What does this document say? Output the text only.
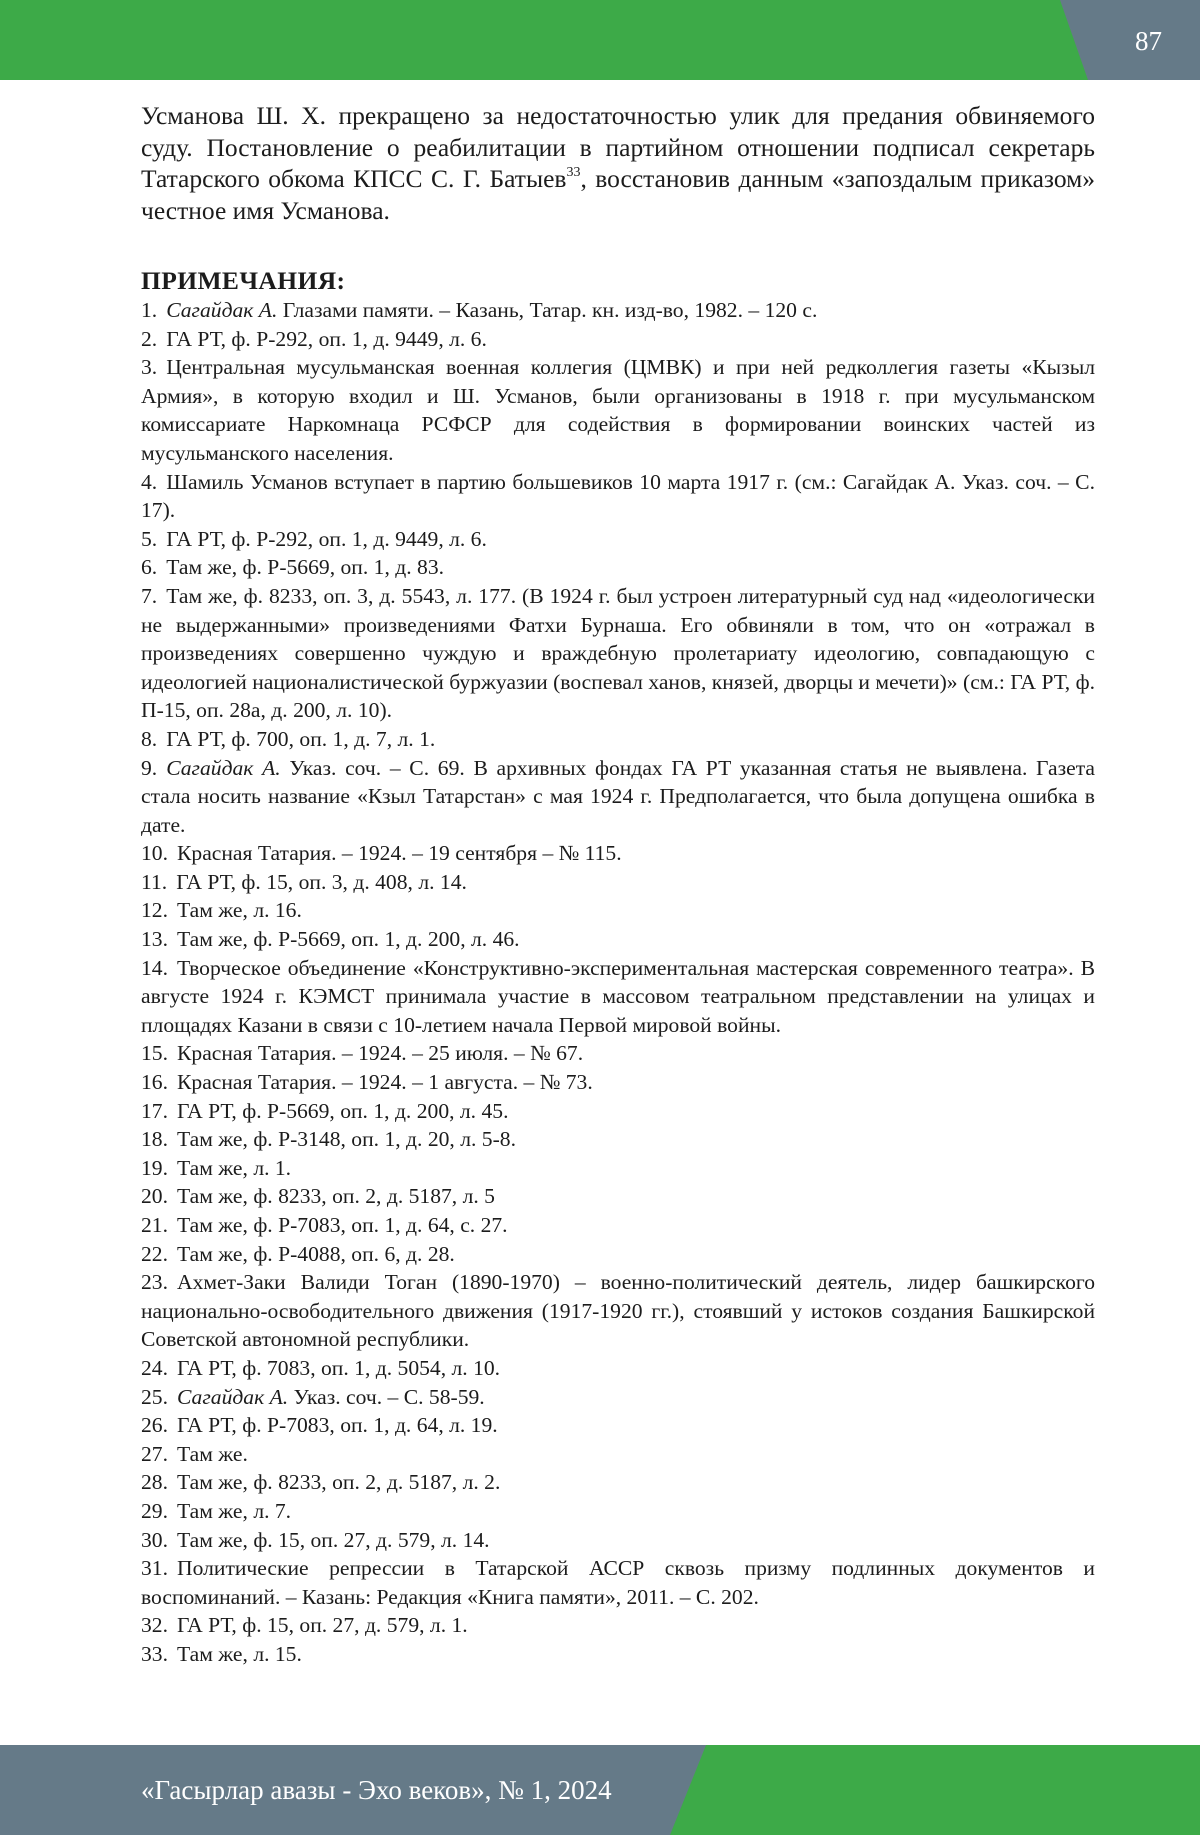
87

Усманова Ш. Х. прекращено за недостаточностью улик для предания обвиняемого суду. Постановление о реабилитации в партийном отношении подписал секретарь Татарского обкома КПСС С. Г. Батыев$^{33}$, восстановив данным «запоздалым приказом» честное имя Усманова.

ПРИМЕЧАНИЯ:
1. Сагайдак А. Глазами памяти. – Казань, Татар. кн. изд-во, 1982. – 120 с.
2. ГА РТ, ф. Р-292, оп. 1, д. 9449, л. 6.
3. Центральная мусульманская военная коллегия (ЦМВК) и при ней редколлегия газеты «Кызыл Армия», в которую входил и Ш. Усманов, были организованы в 1918 г. при мусульманском комиссариате Наркомнаца РСФСР для содействия в формировании воинских частей из мусульманского населения.
4. Шамиль Усманов вступает в партию большевиков 10 марта 1917 г. (см.: Сагайдак А. Указ. соч. – С. 17).
5. ГА РТ, ф. Р-292, оп. 1, д. 9449, л. 6.
6. Там же, ф. Р-5669, оп. 1, д. 83.
7. Там же, ф. 8233, оп. 3, д. 5543, л. 177. (В 1924 г. был устроен литературный суд над «идеологически не выдержанными» произведениями Фатхи Бурнаша. Его обвиняли в том, что он «отражал в произведениях совершенно чуждую и враждебную пролетариату идеологию, совпадающую с идеологией националистической буржуазии (воспевал ханов, князей, дворцы и мечети)» (см.: ГА РТ, ф. П-15, оп. 28а, д. 200, л. 10).
8. ГА РТ, ф. 700, оп. 1, д. 7, л. 1.
9. Сагайдак А. Указ. соч. – С. 69. В архивных фондах ГА РТ указанная статья не выявлена. Газета стала носить название «Кзыл Татарстан» с мая 1924 г. Предполагается, что была допущена ошибка в дате.
10. Красная Татария. – 1924. – 19 сентября – № 115.
11. ГА РТ, ф. 15, оп. 3, д. 408, л. 14.
12. Там же, л. 16.
13. Там же, ф. Р-5669, оп. 1, д. 200, л. 46.
14. Творческое объединение «Конструктивно-экспериментальная мастерская современного театра». В августе 1924 г. КЭМСТ принимала участие в массовом театральном представлении на улицах и площадях Казани в связи с 10-летием начала Первой мировой войны.
15. Красная Татария. – 1924. – 25 июля. – № 67.
16. Красная Татария. – 1924. – 1 августа. – № 73.
17. ГА РТ, ф. Р-5669, оп. 1, д. 200, л. 45.
18. Там же, ф. Р-3148, оп. 1, д. 20, л. 5-8.
19. Там же, л. 1.
20. Там же, ф. 8233, оп. 2, д. 5187, л. 5
21. Там же, ф. Р-7083, оп. 1, д. 64, с. 27.
22. Там же, ф. Р-4088, оп. 6, д. 28.
23. Ахмет-Заки Валиди Тоган (1890-1970) – военно-политический деятель, лидер башкирского национально-освободительного движения (1917-1920 гг.), стоявший у истоков создания Башкирской Советской автономной республики.
24. ГА РТ, ф. 7083, оп. 1, д. 5054, л. 10.
25. Сагайдак А. Указ. соч. – С. 58-59.
26. ГА РТ, ф. Р-7083, оп. 1, д. 64, л. 19.
27. Там же.
28. Там же, ф. 8233, оп. 2, д. 5187, л. 2.
29. Там же, л. 7.
30. Там же, ф. 15, оп. 27, д. 579, л. 14.
31. Политические репрессии в Татарской АССР сквозь призму подлинных документов и воспоминаний. – Казань: Редакция «Книга памяти», 2011. – С. 202.
32. ГА РТ, ф. 15, оп. 27, д. 579, л. 1.
33. Там же, л. 15.
«Гасырлар авазы - Эхо веков», № 1, 2024
